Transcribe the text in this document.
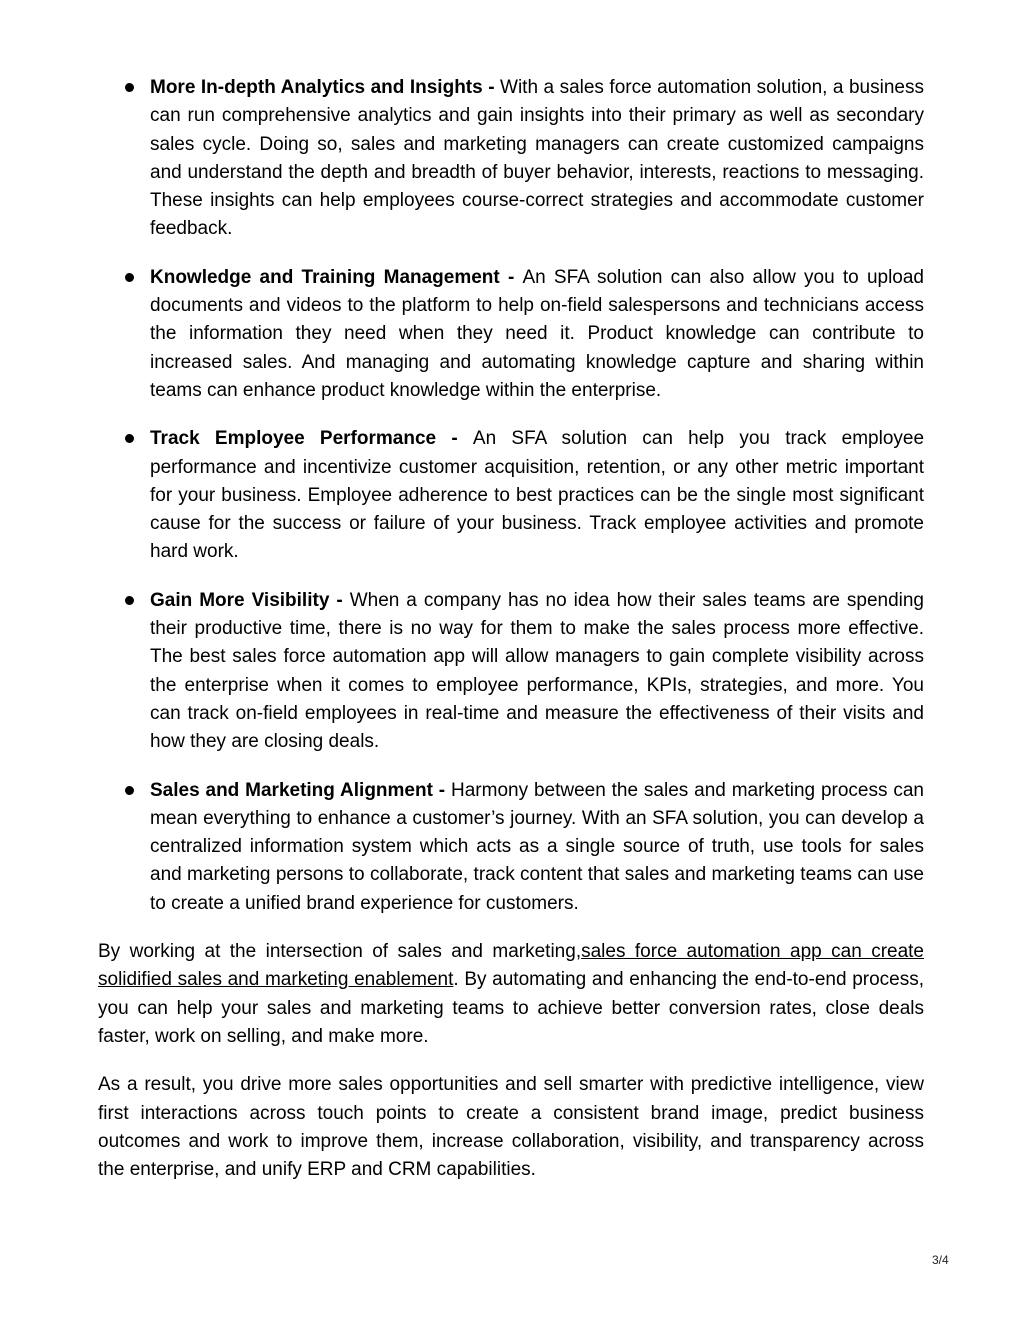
More In-depth Analytics and Insights - With a sales force automation solution, a business can run comprehensive analytics and gain insights into their primary as well as secondary sales cycle. Doing so, sales and marketing managers can create customized campaigns and understand the depth and breadth of buyer behavior, interests, reactions to messaging. These insights can help employees course-correct strategies and accommodate customer feedback.
Knowledge and Training Management - An SFA solution can also allow you to upload documents and videos to the platform to help on-field salespersons and technicians access the information they need when they need it. Product knowledge can contribute to increased sales. And managing and automating knowledge capture and sharing within teams can enhance product knowledge within the enterprise.
Track Employee Performance - An SFA solution can help you track employee performance and incentivize customer acquisition, retention, or any other metric important for your business. Employee adherence to best practices can be the single most significant cause for the success or failure of your business. Track employee activities and promote hard work.
Gain More Visibility - When a company has no idea how their sales teams are spending their productive time, there is no way for them to make the sales process more effective. The best sales force automation app will allow managers to gain complete visibility across the enterprise when it comes to employee performance, KPIs, strategies, and more. You can track on-field employees in real-time and measure the effectiveness of their visits and how they are closing deals.
Sales and Marketing Alignment - Harmony between the sales and marketing process can mean everything to enhance a customer’s journey. With an SFA solution, you can develop a centralized information system which acts as a single source of truth, use tools for sales and marketing persons to collaborate, track content that sales and marketing teams can use to create a unified brand experience for customers.

By working at the intersection of sales and marketing,sales force automation app can create solidified sales and marketing enablement. By automating and enhancing the end-to-end process, you can help your sales and marketing teams to achieve better conversion rates, close deals faster, work on selling, and make more.

As a result, you drive more sales opportunities and sell smarter with predictive intelligence, view first interactions across touch points to create a consistent brand image, predict business outcomes and work to improve them, increase collaboration, visibility, and transparency across the enterprise, and unify ERP and CRM capabilities.

3/4
